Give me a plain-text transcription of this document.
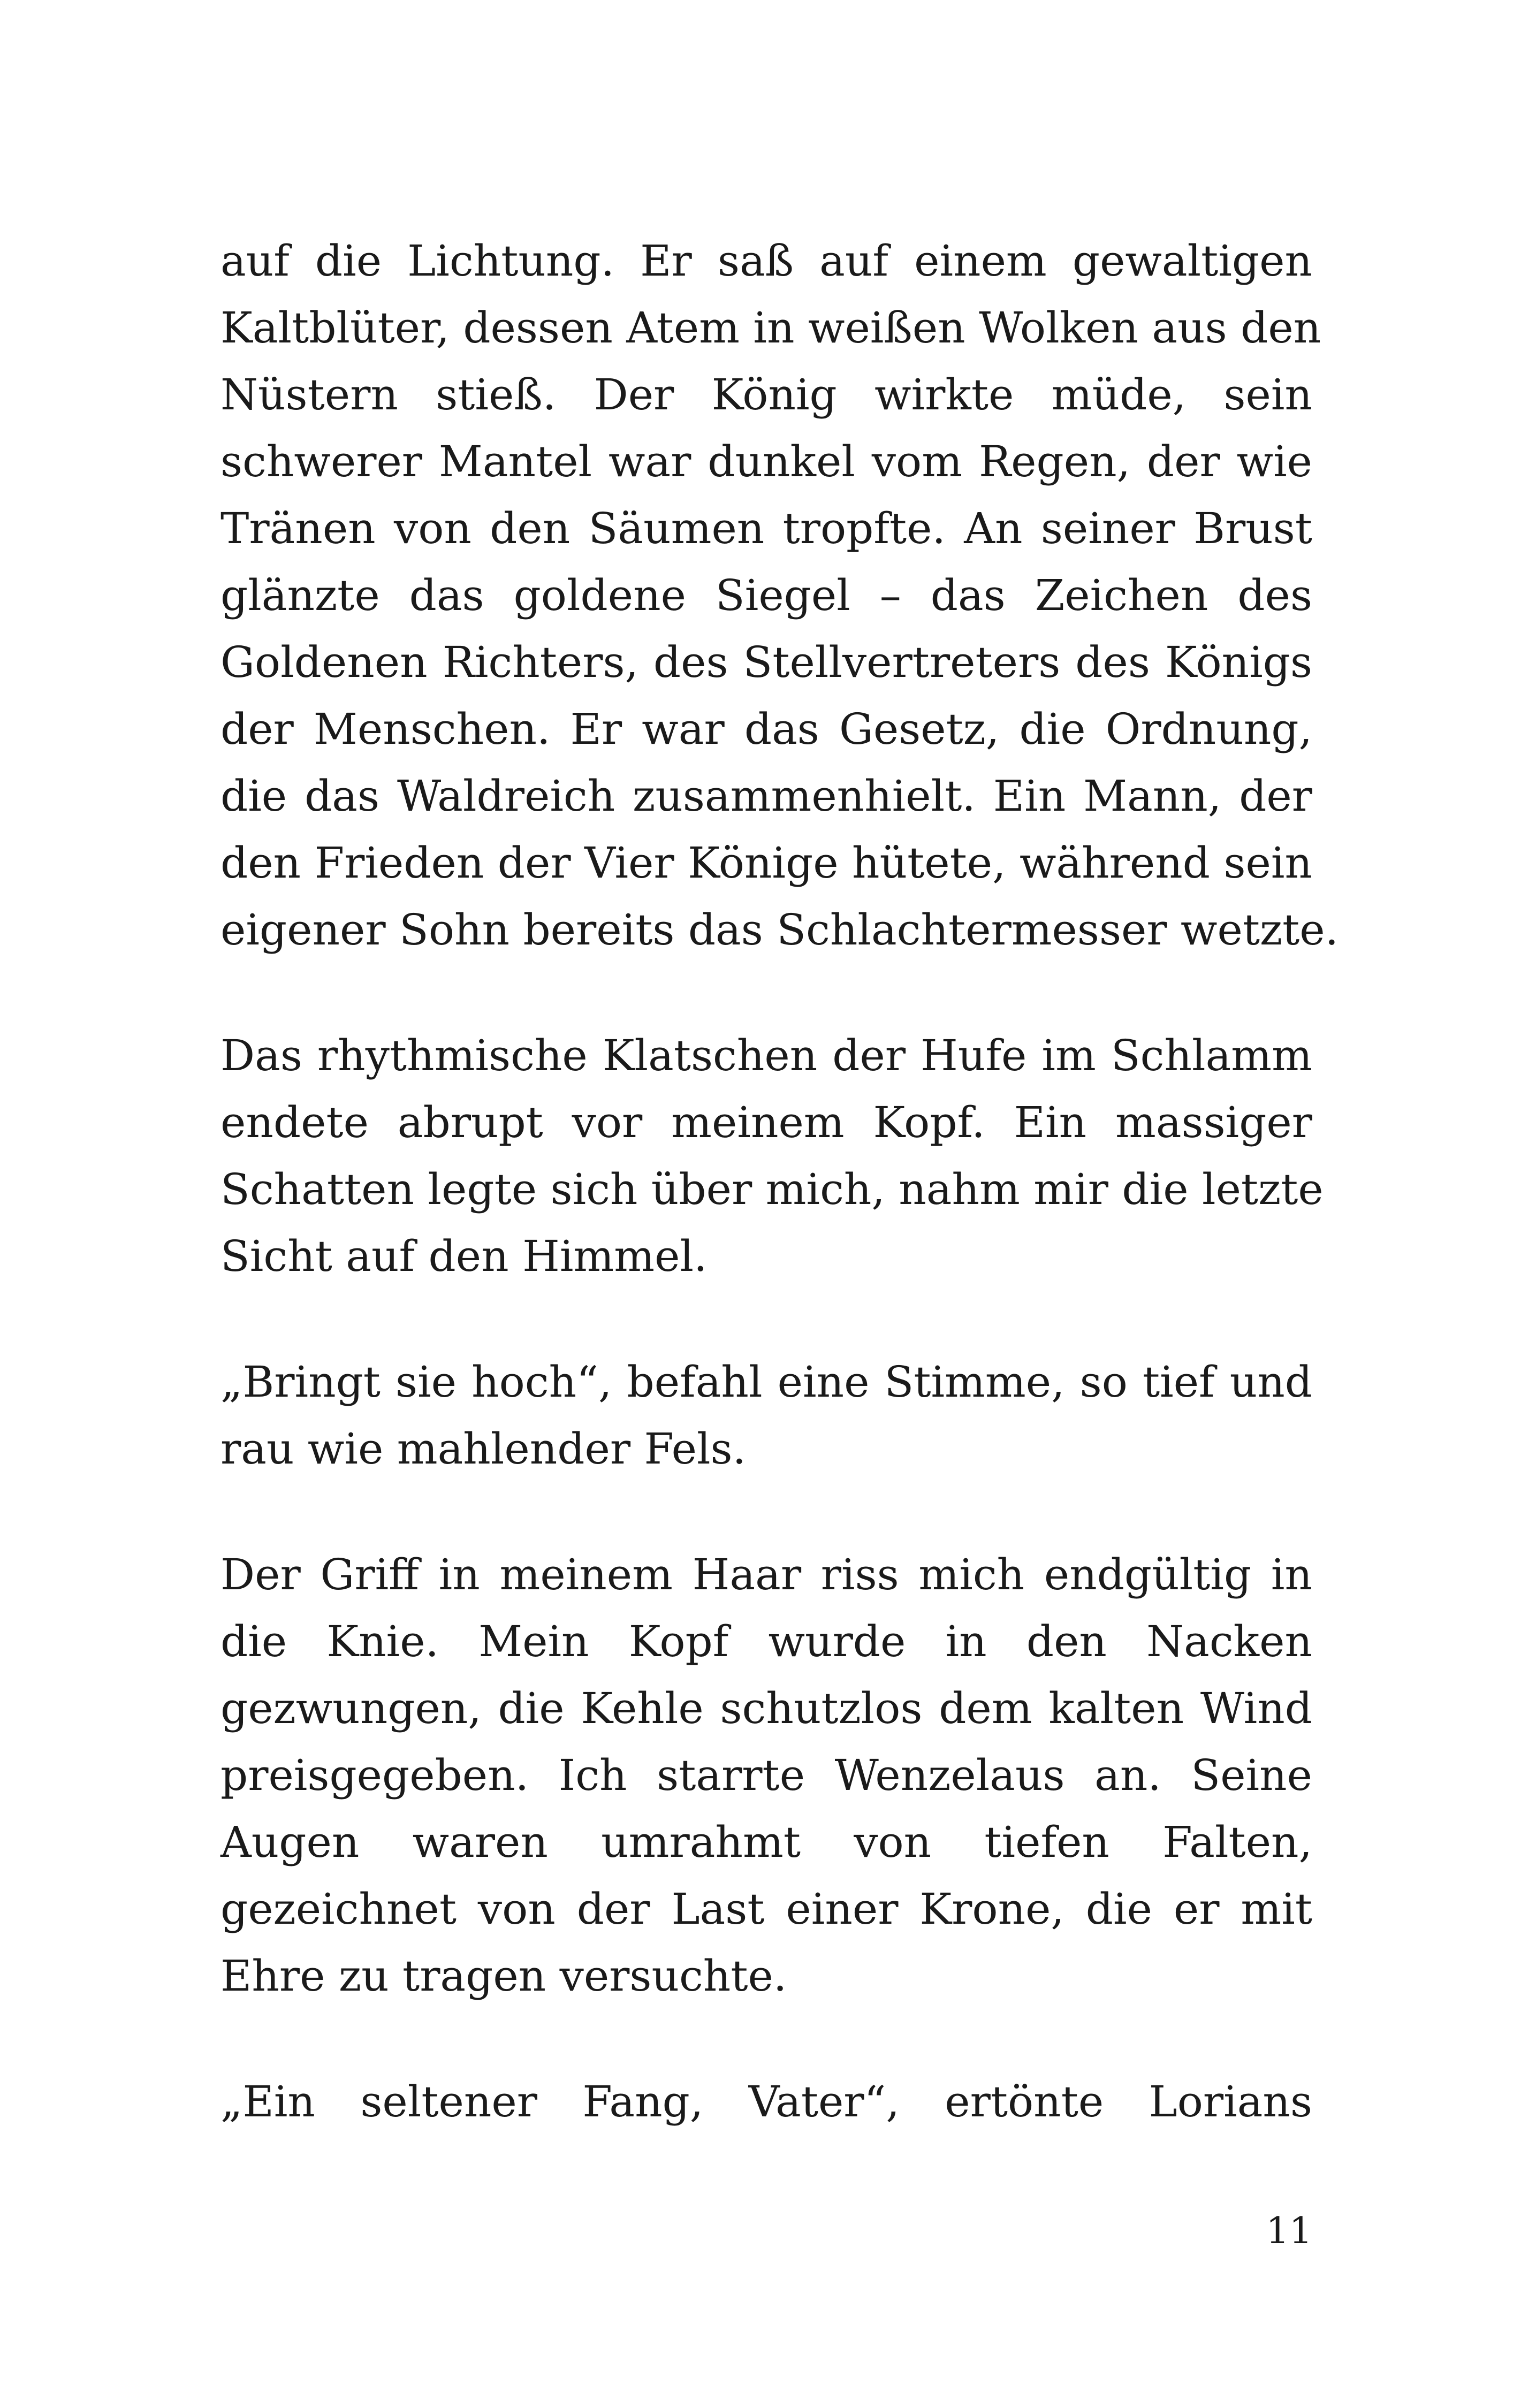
auf die Lichtung. Er saß auf einem gewaltigen
Kaltblüter, dessen Atem in weißen Wolken aus den
Nüstern stieß. Der König wirkte müde, sein
schwerer Mantel war dunkel vom Regen, der wie
Tränen von den Säumen tropfte. An seiner Brust
glänzte das goldene Siegel – das Zeichen des
Goldenen Richters, des Stellvertreters des Königs
der Menschen. Er war das Gesetz, die Ordnung,
die das Waldreich zusammenhielt. Ein Mann, der
den Frieden der Vier Könige hütete, während sein
eigener Sohn bereits das Schlachtermesser wetzte.
Das rhythmische Klatschen der Hufe im Schlamm
endete abrupt vor meinem Kopf. Ein massiger
Schatten legte sich über mich, nahm mir die letzte
Sicht auf den Himmel.
„Bringt sie hoch“, befahl eine Stimme, so tief und
rau wie mahlender Fels.
Der Griff in meinem Haar riss mich endgültig in
die Knie. Mein Kopf wurde in den Nacken
gezwungen, die Kehle schutzlos dem kalten Wind
preisgegeben. Ich starrte Wenzelaus an. Seine
Augen waren umrahmt von tiefen Falten,
gezeichnet von der Last einer Krone, die er mit
Ehre zu tragen versuchte.
„Ein seltener Fang, Vater“, ertönte Lorians
11
